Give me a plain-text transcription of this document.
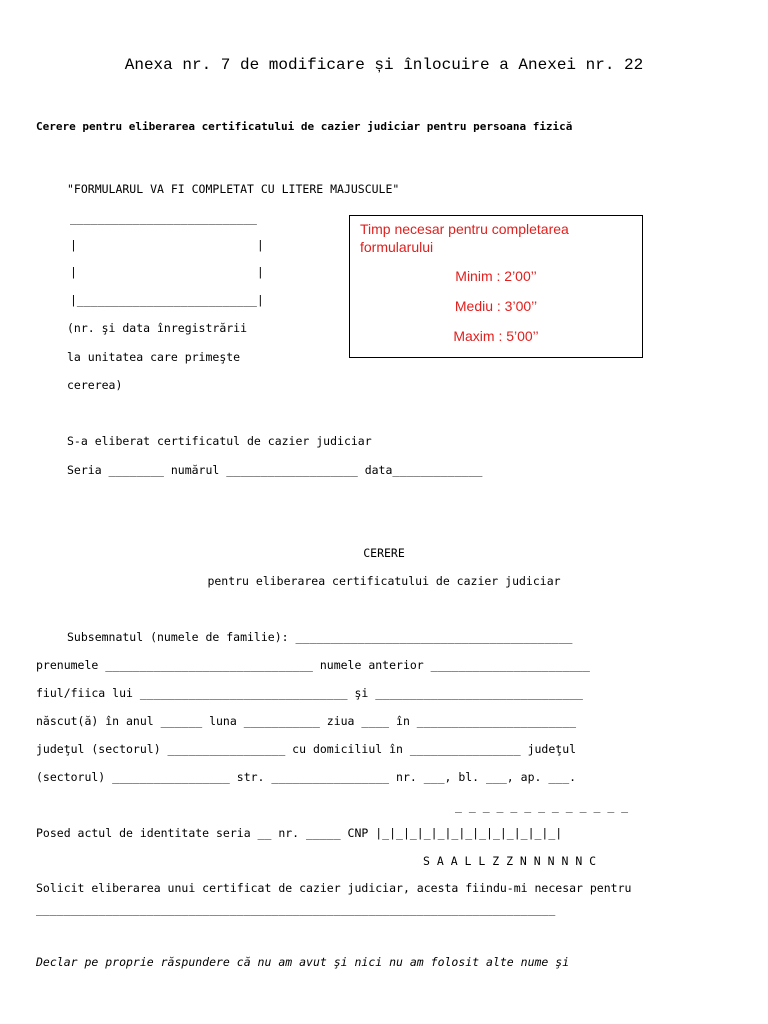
Anexa nr. 7 de modificare și înlocuire a Anexei nr. 22
Cerere pentru eliberarea certificatului de cazier judiciar pentru persoana fizică
"FORMULARUL VA FI COMPLETAT CU LITERE MAJUSCULE"
___________________________
|                          |
|                          |
|__________________________|
(nr. şi data înregistrării
la unitatea care primeşte
cererea)
Timp necesar pentru completarea formularului
Minim : 2’00’’
Mediu : 3’00’’
Maxim : 5’00’’
S-a eliberat certificatul de cazier judiciar
Seria ________ numărul ___________________ data_____________
CERERE
pentru eliberarea certificatului de cazier judiciar
Subsemnatul (numele de familie): ________________________________________
prenumele ______________________________ numele anterior _______________________
fiul/fiica lui ______________________________ şi ______________________________
născut(ă) în anul ______ luna ___________ ziua ____ în _______________________
judeţul (sectorul) _________________ cu domiciliul în ________________ judeţul
(sectorul) _________________ str. _________________ nr. ___, bl. ___, ap. ___.
_ _ _ _ _ _ _ _ _ _ _ _ _
Posed actul de identitate seria __ nr. _____ CNP |_|_|_|_|_|_|_|_|_|_|_|_|_|
S A A L L Z Z N N N N N C
Solicit eliberarea unui certificat de cazier judiciar, acesta fiindu-mi necesar pentru
___________________________________________________________________________
Declar pe proprie răspundere că nu am avut şi nici nu am folosit alte nume şi
